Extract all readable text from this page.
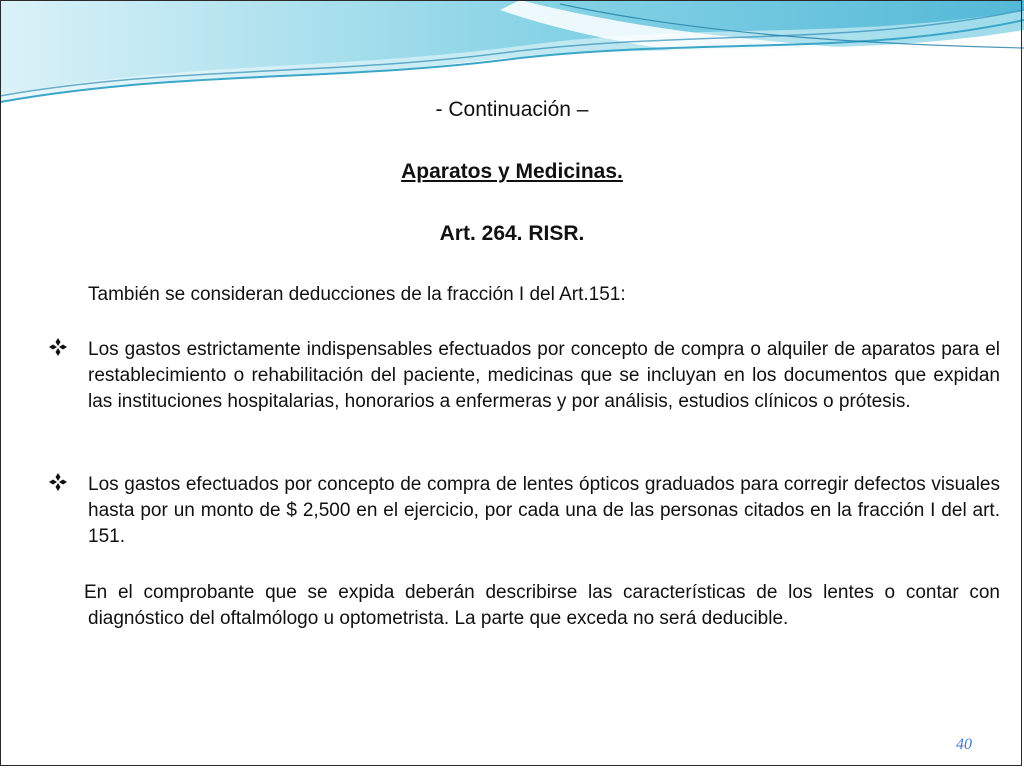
- Continuación –
Aparatos y Medicinas.
Art. 264. RISR.
También se consideran deducciones de la fracción I del Art.151:
Los gastos estrictamente indispensables efectuados por concepto de compra o alquiler de aparatos para el restablecimiento o rehabilitación del paciente, medicinas que se incluyan en los documentos que expidan las instituciones hospitalarias, honorarios a enfermeras y por análisis, estudios clínicos o prótesis.
Los gastos efectuados por concepto de compra de lentes ópticos graduados para corregir defectos visuales hasta por un monto de $ 2,500 en el ejercicio, por cada una de las personas citados en la fracción I del art. 151.
En el comprobante que se expida deberán describirse las características de los lentes o contar con diagnóstico del oftalmólogo u optometrista. La parte que exceda no será deducible.
40
